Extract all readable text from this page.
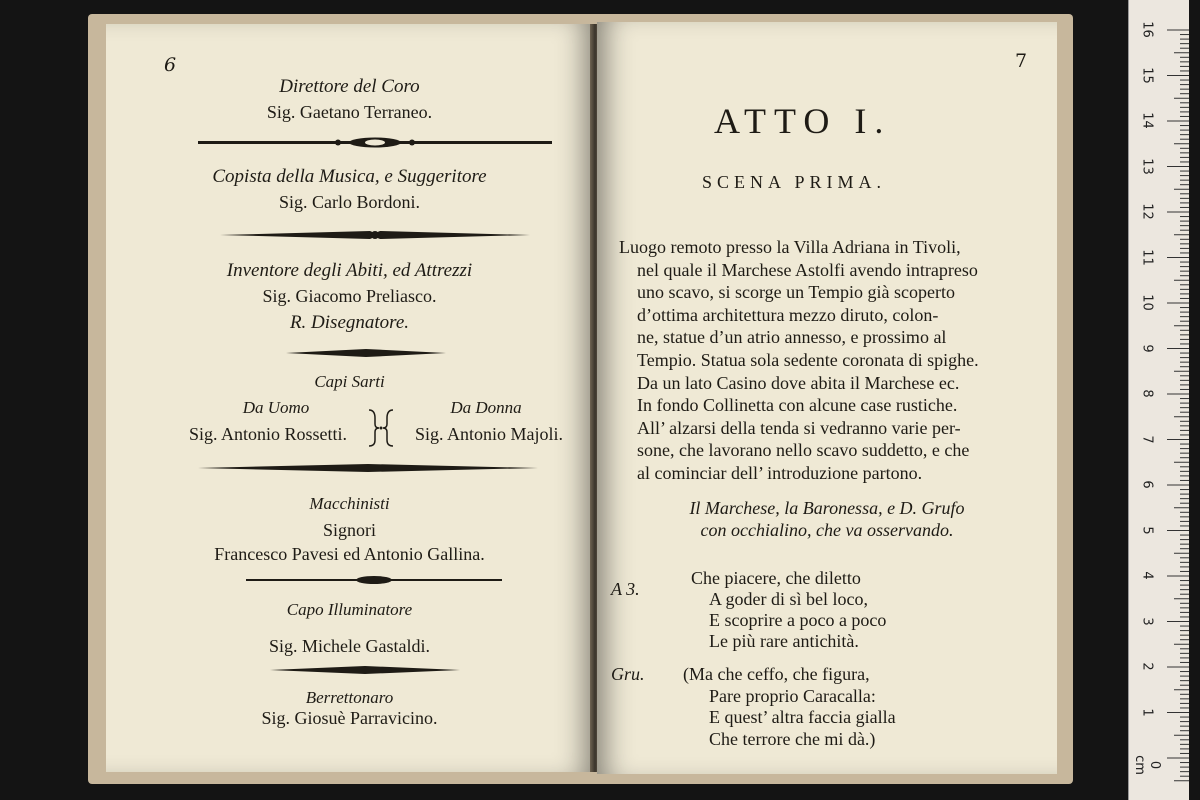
6
Direttore del Coro
Sig. Gaetano Terraneo.
Copista della Musica, e Suggeritore
Sig. Carlo Bordoni.
Inventore degli Abiti, ed Attrezzi
Sig. Giacomo Preliasco.
R. Disegnatore.
Capi Sarti
Da Uomo	Da Donna
Sig. Antonio Rossetti.	Sig. Antonio Majoli.
Macchinisti
Signori
Francesco Pavesi ed Antonio Gallina.
Capo Illuminatore
Sig. Michele Gastaldi.
Berrettonaro
Sig. Giosuè Parravicino.
7
ATTO I.
SCENA PRIMA.
Luogo remoto presso la Villa Adriana in Tivoli,
nel quale il Marchese Astolfi avendo intrapreso
uno scavo, si scorge un Tempio già scoperto
d’ottima architettura mezzo diruto, colon-
ne, statue d’un atrio annesso, e prossimo al
Tempio. Statua sola sedente coronata di spighe.
Da un lato Casino dove abita il Marchese ec.
In fondo Collinetta con alcune case rustiche.
All’ alzarsi della tenda si vedranno varie per-
sone, che lavorano nello scavo suddetto, e che
al cominciar dell’ introduzione partono.
Il Marchese, la Baronessa, e D. Grufo
con occhialino, che va osservando.
A 3.
Che piacere, che diletto
A goder di sì bel loco,
E scoprire a poco a poco
Le più rare antichità.
Gru. (Ma che ceffo, che figura,
Pare proprio Caracalla:
E quest’ altra faccia gialla
Che terrore che mi dà.)
16
15
14
13
12
11
10
9
8
7
6
5
4
3
2
1
0 cm
